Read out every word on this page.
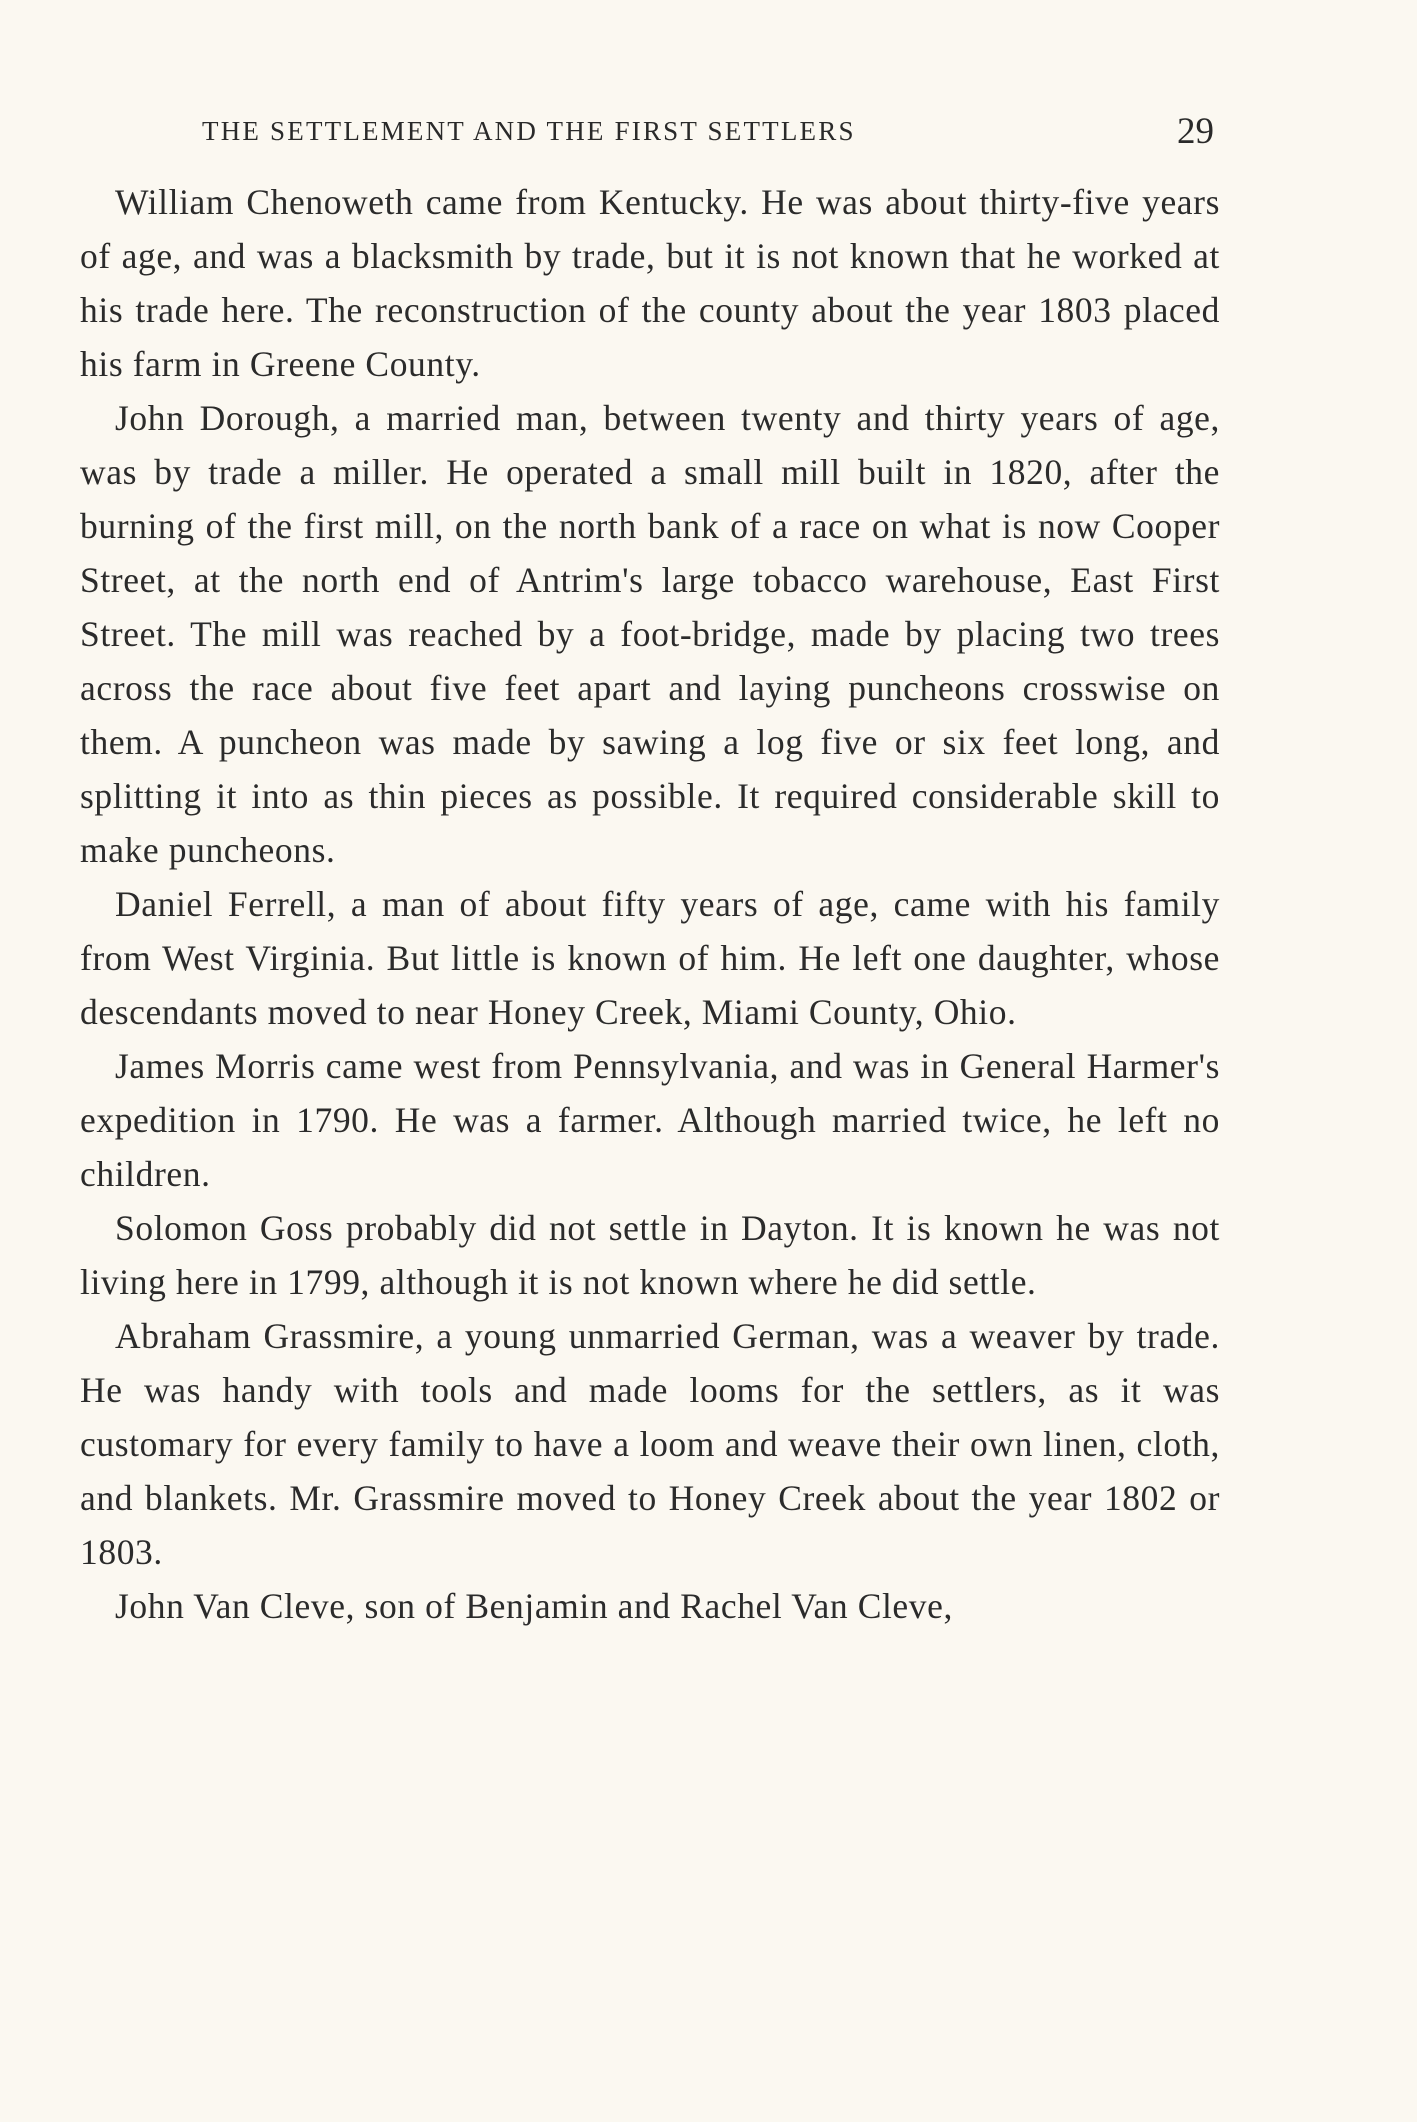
THE SETTLEMENT AND THE FIRST SETTLERS	29

William Chenoweth came from Kentucky. He was about thirty-five years of age, and was a blacksmith by trade, but it is not known that he worked at his trade here. The reconstruction of the county about the year 1803 placed his farm in Greene County.

John Dorough, a married man, between twenty and thirty years of age, was by trade a miller. He operated a small mill built in 1820, after the burning of the first mill, on the north bank of a race on what is now Cooper Street, at the north end of Antrim's large tobacco warehouse, East First Street. The mill was reached by a foot-bridge, made by placing two trees across the race about five feet apart and laying puncheons crosswise on them. A puncheon was made by sawing a log five or six feet long, and splitting it into as thin pieces as possible. It required considerable skill to make puncheons.

Daniel Ferrell, a man of about fifty years of age, came with his family from West Virginia. But little is known of him. He left one daughter, whose descendants moved to near Honey Creek, Miami County, Ohio.

James Morris came west from Pennsylvania, and was in General Harmer's expedition in 1790. He was a farmer. Although married twice, he left no children.

Solomon Goss probably did not settle in Dayton. It is known he was not living here in 1799, although it is not known where he did settle.

Abraham Grassmire, a young unmarried German, was a weaver by trade. He was handy with tools and made looms for the settlers, as it was customary for every family to have a loom and weave their own linen, cloth, and blankets. Mr. Grassmire moved to Honey Creek about the year 1802 or 1803.

John Van Cleve, son of Benjamin and Rachel Van Cleve,
